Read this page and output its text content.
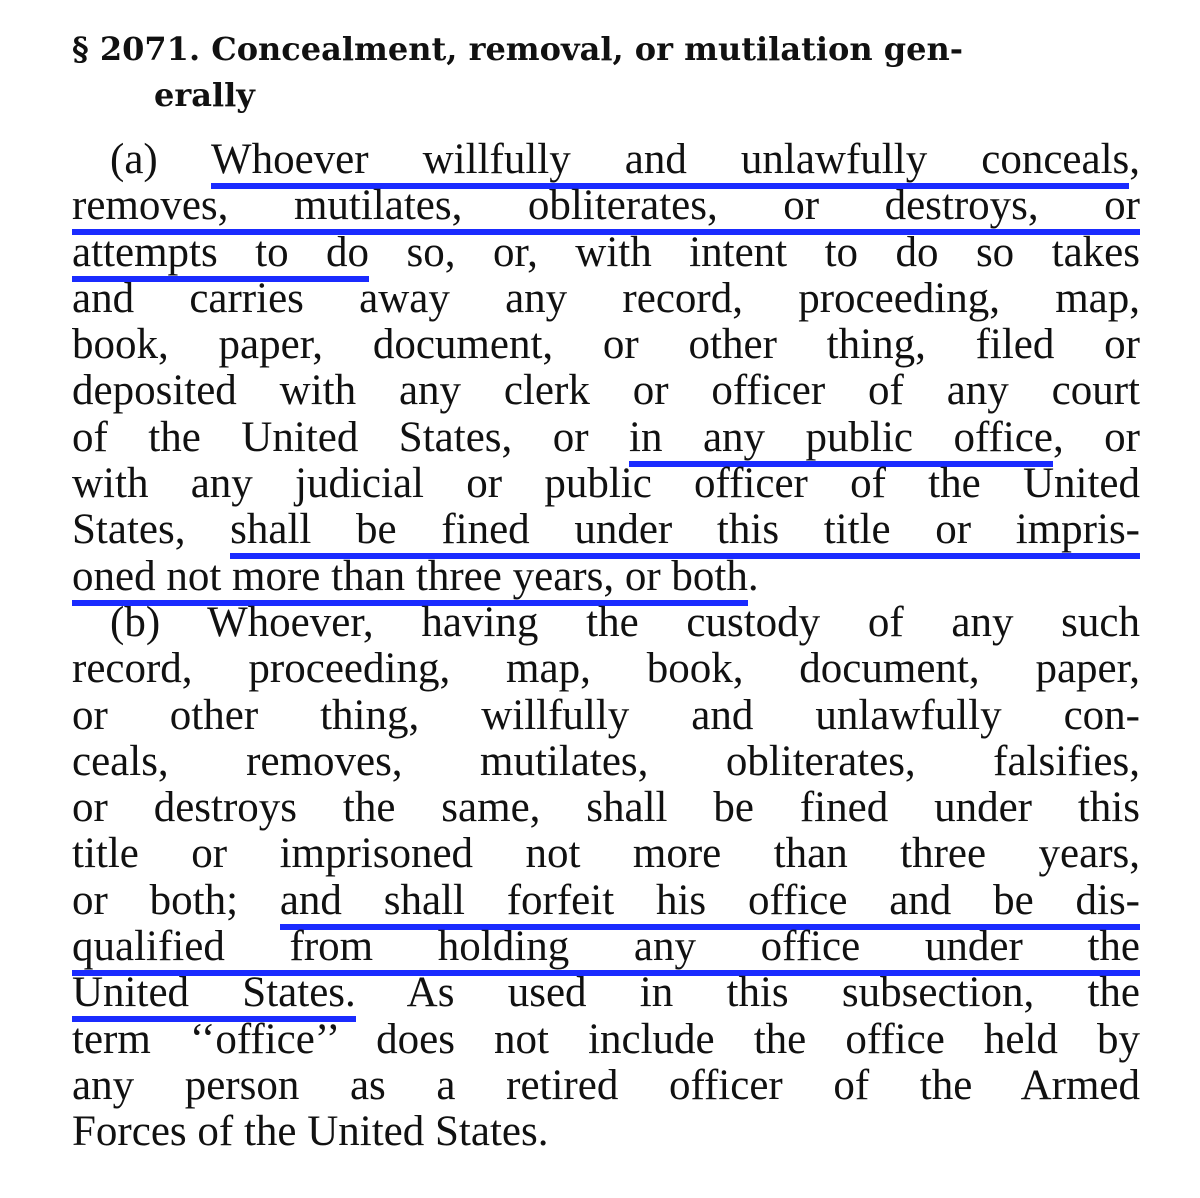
§ 2071. Concealment, removal, or mutilation gen-
erally
(a) Whoever willfully and unlawfully conceals,
removes, mutilates, obliterates, or destroys, or
attempts to do so, or, with intent to do so takes
and carries away any record, proceeding, map,
book, paper, document, or other thing, filed or
deposited with any clerk or officer of any court
of the United States, or in any public office, or
with any judicial or public officer of the United
States, shall be fined under this title or impris-
oned not more than three years, or both.
(b) Whoever, having the custody of any such
record, proceeding, map, book, document, paper,
or other thing, willfully and unlawfully con-
ceals, removes, mutilates, obliterates, falsifies,
or destroys the same, shall be fined under this
title or imprisoned not more than three years,
or both; and shall forfeit his office and be dis-
qualified from holding any office under the
United States. As used in this subsection, the
term ‘‘office’’ does not include the office held by
any person as a retired officer of the Armed
Forces of the United States.
